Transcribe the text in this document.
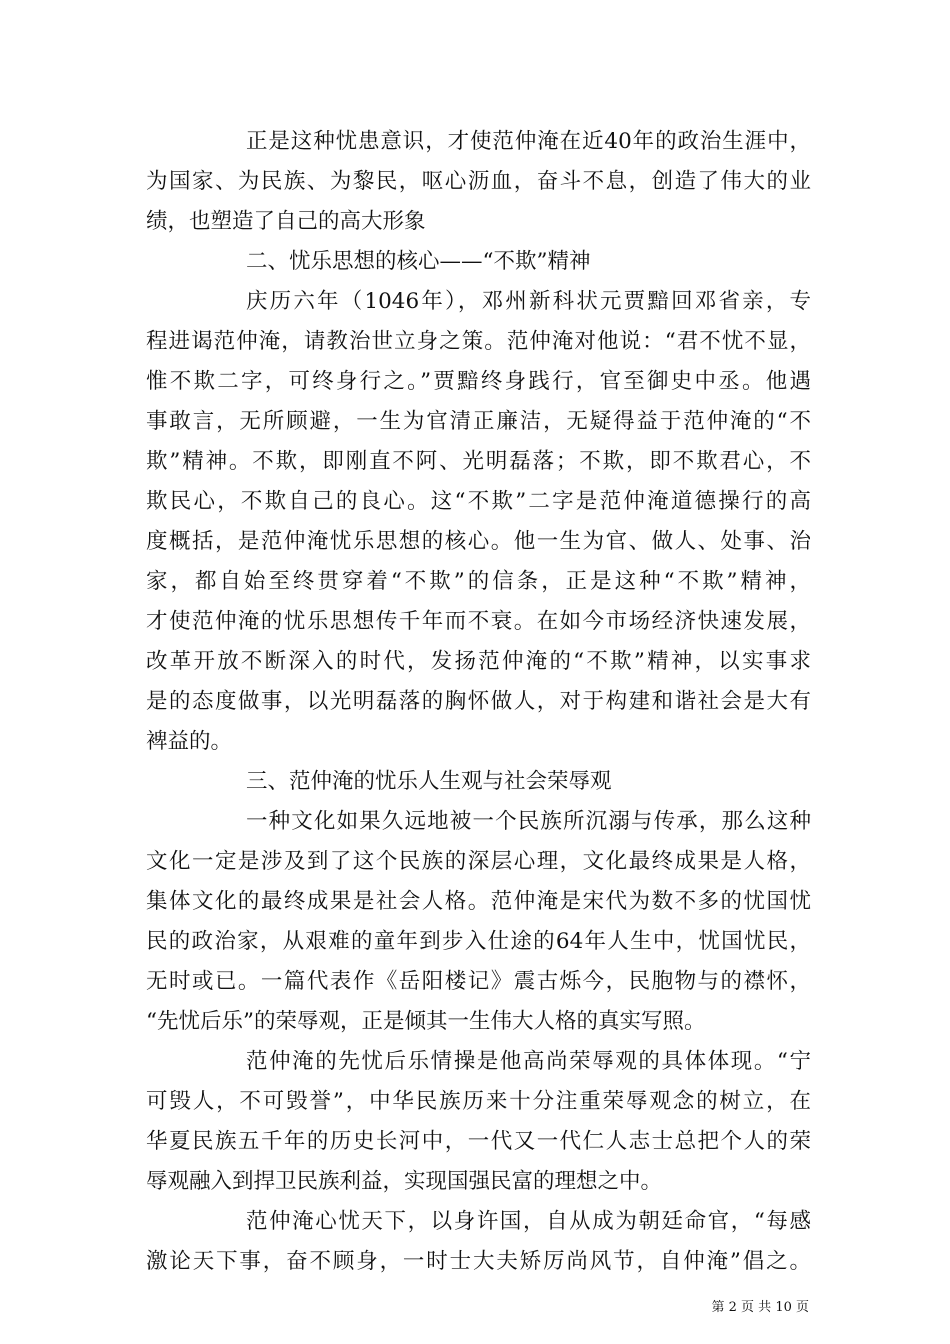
正是这种忧患意识，才使范仲淹在近40年的政治生涯中，
为国家、为民族、为黎民，呕心沥血，奋斗不息，创造了伟大的业
绩，也塑造了自己的高大形象
二、忧乐思想的核心——“不欺”精神
庆历六年（1046年），邓州新科状元贾黯回邓省亲，专
程进谒范仲淹，请教治世立身之策。范仲淹对他说：“君不忧不显，
惟不欺二字，可终身行之。”贾黯终身践行，官至御史中丞。他遇
事敢言，无所顾避，一生为官清正廉洁，无疑得益于范仲淹的“不
欺”精神。不欺，即刚直不阿、光明磊落；不欺，即不欺君心，不
欺民心，不欺自己的良心。这“不欺”二字是范仲淹道德操行的高
度概括，是范仲淹忧乐思想的核心。他一生为官、做人、处事、治
家，都自始至终贯穿着“不欺”的信条，正是这种“不欺”精神，
才使范仲淹的忧乐思想传千年而不衰。在如今市场经济快速发展，
改革开放不断深入的时代，发扬范仲淹的“不欺”精神，以实事求
是的态度做事，以光明磊落的胸怀做人，对于构建和谐社会是大有
裨益的。
三、范仲淹的忧乐人生观与社会荣辱观
一种文化如果久远地被一个民族所沉溺与传承，那么这种
文化一定是涉及到了这个民族的深层心理，文化最终成果是人格，
集体文化的最终成果是社会人格。范仲淹是宋代为数不多的忧国忧
民的政治家，从艰难的童年到步入仕途的64年人生中，忧国忧民，
无时或已。一篇代表作《岳阳楼记》震古烁今，民胞物与的襟怀，
“先忧后乐”的荣辱观，正是倾其一生伟大人格的真实写照。
范仲淹的先忧后乐情操是他高尚荣辱观的具体体现。“宁
可毁人，不可毁誉”，中华民族历来十分注重荣辱观念的树立，在
华夏民族五千年的历史长河中，一代又一代仁人志士总把个人的荣
辱观融入到捍卫民族利益，实现国强民富的理想之中。
范仲淹心忧天下，以身许国，自从成为朝廷命官，“每感
激论天下事，奋不顾身，一时士大夫矫厉尚风节，自仲淹”倡之。
第 2 页 共 10 页
